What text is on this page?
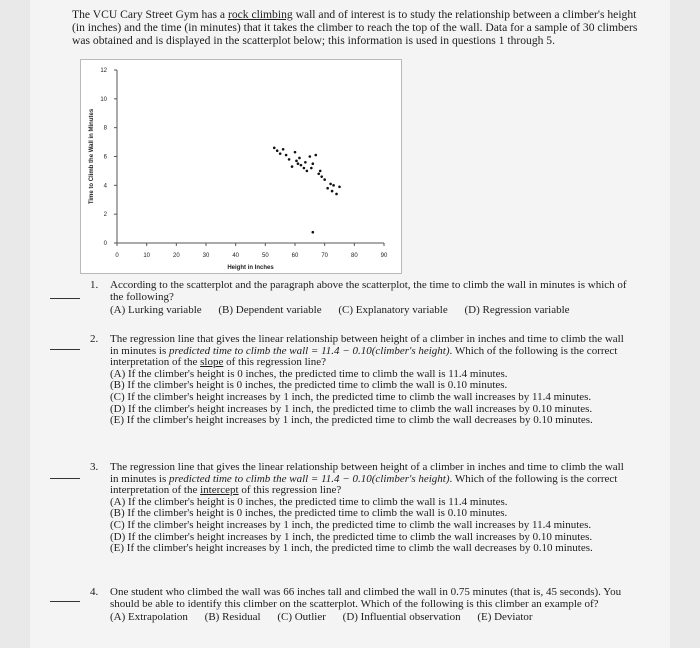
The VCU Cary Street Gym has a rock climbing wall and of interest is to study the relationship between a climber's height (in inches) and the time (in minutes) that it takes the climber to reach the top of the wall. Data for a sample of 30 climbers was obtained and is displayed in the scatterplot below; this information is used in questions 1 through 5.
0	10	20	30	40	50	60	70	80	90
0
2
4
6
8
10
12
Height in Inches
Time to Climb the Wall in Minutes
1. According to the scatterplot and the paragraph above the scatterplot, the time to climb the wall in minutes is which of the following?
(A) Lurking variable (B) Dependent variable (C) Explanatory variable (D) Regression variable
2. The regression line that gives the linear relationship between height of a climber in inches and time to climb the wall in minutes is predicted time to climb the wall = 11.4 − 0.10(climber's height). Which of the following is the correct interpretation of the slope of this regression line?
(A) If the climber's height is 0 inches, the predicted time to climb the wall is 11.4 minutes.
(B) If the climber's height is 0 inches, the predicted time to climb the wall is 0.10 minutes.
(C) If the climber's height increases by 1 inch, the predicted time to climb the wall increases by 11.4 minutes.
(D) If the climber's height increases by 1 inch, the predicted time to climb the wall increases by 0.10 minutes.
(E) If the climber's height increases by 1 inch, the predicted time to climb the wall decreases by 0.10 minutes.
3. The regression line that gives the linear relationship between height of a climber in inches and time to climb the wall in minutes is predicted time to climb the wall = 11.4 − 0.10(climber's height). Which of the following is the correct interpretation of the intercept of this regression line?
(A) If the climber's height is 0 inches, the predicted time to climb the wall is 11.4 minutes.
(B) If the climber's height is 0 inches, the predicted time to climb the wall is 0.10 minutes.
(C) If the climber's height increases by 1 inch, the predicted time to climb the wall increases by 11.4 minutes.
(D) If the climber's height increases by 1 inch, the predicted time to climb the wall increases by 0.10 minutes.
(E) If the climber's height increases by 1 inch, the predicted time to climb the wall decreases by 0.10 minutes.
4. One student who climbed the wall was 66 inches tall and climbed the wall in 0.75 minutes (that is, 45 seconds). You should be able to identify this climber on the scatterplot. Which of the following is this climber an example of?
(A) Extrapolation (B) Residual (C) Outlier (D) Influential observation (E) Deviator
